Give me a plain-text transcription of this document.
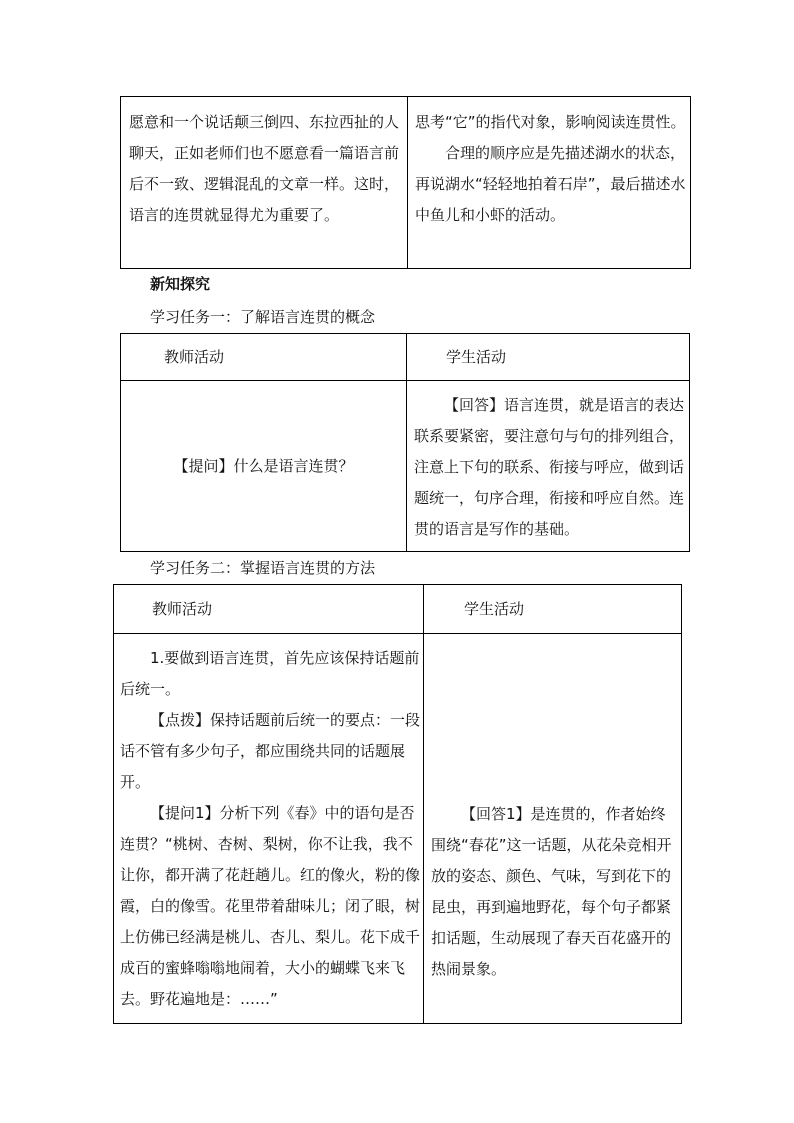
愿意和一个说话颠三倒四、东拉西扯的人聊天，正如老师们也不愿意看一篇语言前后不一致、逻辑混乱的文章一样。这时，语言的连贯就显得尤为重要了。

思考“它”的指代对象，影响阅读连贯性。

合理的顺序应是先描述湖水的状态，再说湖水“轻轻地拍着石岸”，最后描述水中鱼儿和小虾的活动。

新知探究
学习任务一：了解语言连贯的概念
教师活动	学生活动
【提问】什么是语言连贯？

【回答】语言连贯，就是语言的表达联系要紧密，要注意句与句的排列组合，注意上下句的联系、衔接与呼应，做到话题统一，句序合理，衔接和呼应自然。连贯的语言是写作的基础。

学习任务二：掌握语言连贯的方法
教师活动	学生活动

1.要做到语言连贯，首先应该保持话题前后统一。

【点拨】保持话题前后统一的要点：一段话不管有多少句子，都应围绕共同的话题展开。

【提问1】分析下列《春》中的语句是否连贯？“桃树、杏树、梨树，你不让我，我不让你，都开满了花赶趟儿。红的像火，粉的像霞，白的像雪。花里带着甜味儿；闭了眼，树上仿佛已经满是桃儿、杏儿、梨儿。花下成千成百的蜜蜂嗡嗡地闹着，大小的蝴蝶飞来飞去。野花遍地是：……”

【回答1】是连贯的，作者始终围绕“春花”这一话题，从花朵竞相开放的姿态、颜色、气味，写到花下的昆虫，再到遍地野花，每个句子都紧扣话题，生动展现了春天百花盛开的热闹景象。
